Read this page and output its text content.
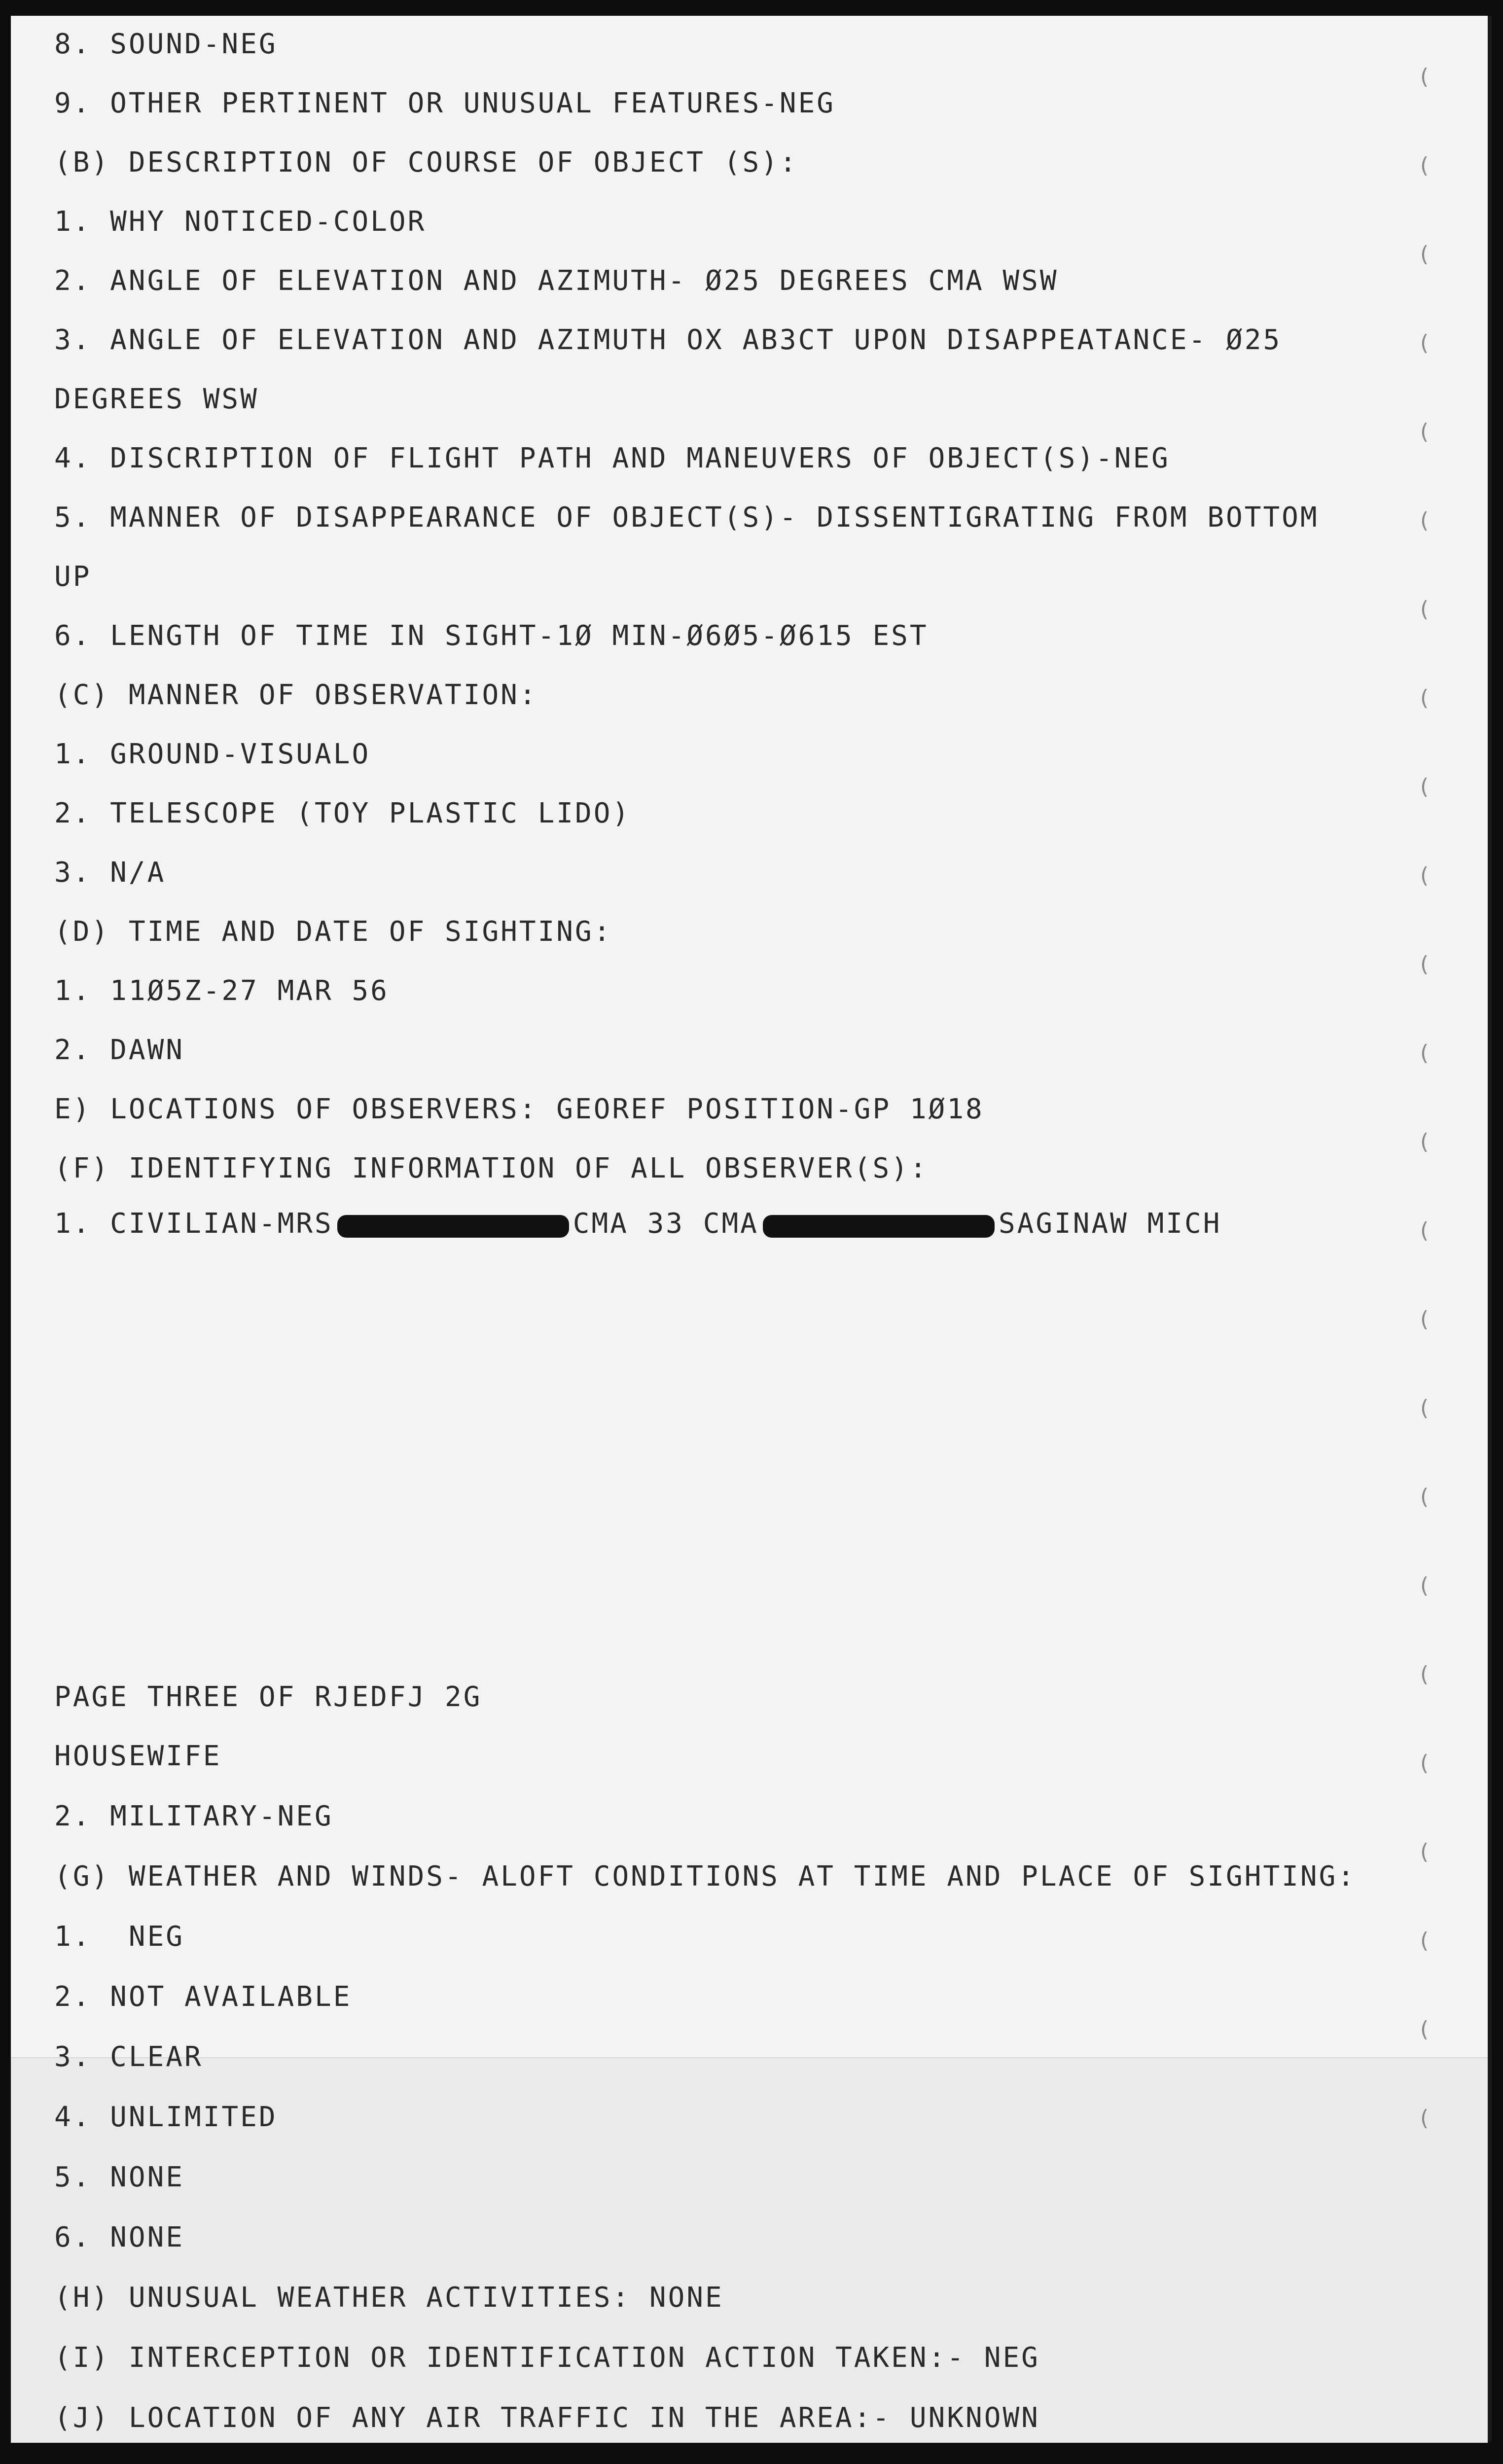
8. SOUND-NEG

9. OTHER PERTINENT OR UNUSUAL FEATURES-NEG

(B) DESCRIPTION OF COURSE OF OBJECT (S):

1. WHY NOTICED-COLOR

2. ANGLE OF ELEVATION AND AZIMUTH- Ø25 DEGREES CMA WSW

3. ANGLE OF ELEVATION AND AZIMUTH OX AB3CT UPON DISAPPEATANCE- Ø25

DEGREES WSW

4. DISCRIPTION OF FLIGHT PATH AND MANEUVERS OF OBJECT(S)-NEG

5. MANNER OF DISAPPEARANCE OF OBJECT(S)- DISSENTIGRATING FROM BOTTOM

UP

6. LENGTH OF TIME IN SIGHT-1Ø MIN-Ø6Ø5-Ø615 EST

(C) MANNER OF OBSERVATION:

1. GROUND-VISUALO

2. TELESCOPE (TOY PLASTIC LIDO)

3. N/A

(D) TIME AND DATE OF SIGHTING:

1. 11Ø5Z-27 MAR 56

2. DAWN

E) LOCATIONS OF OBSERVERS: GEOREF POSITION-GP 1Ø18

(F) IDENTIFYING INFORMATION OF ALL OBSERVER(S):

1. CIVILIAN-MRS	CMA 33 CMA	SAGINAW MICH

PAGE THREE OF RJEDFJ 2G

HOUSEWIFE

2. MILITARY-NEG

(G) WEATHER AND WINDS- ALOFT CONDITIONS AT TIME AND PLACE OF SIGHTING:

1.  NEG

2. NOT AVAILABLE

3. CLEAR

4. UNLIMITED

5. NONE

6. NONE

(H) UNUSUAL WEATHER ACTIVITIES: NONE

(I) INTERCEPTION OR IDENTIFICATION ACTION TAKEN:- NEG

(J) LOCATION OF ANY AIR TRAFFIC IN THE AREA:- UNKNOWN

(
(
(
(
(
(
(
(
(
(
(
(
(
(
(
(
(
(
(
(
(
(
(
(
